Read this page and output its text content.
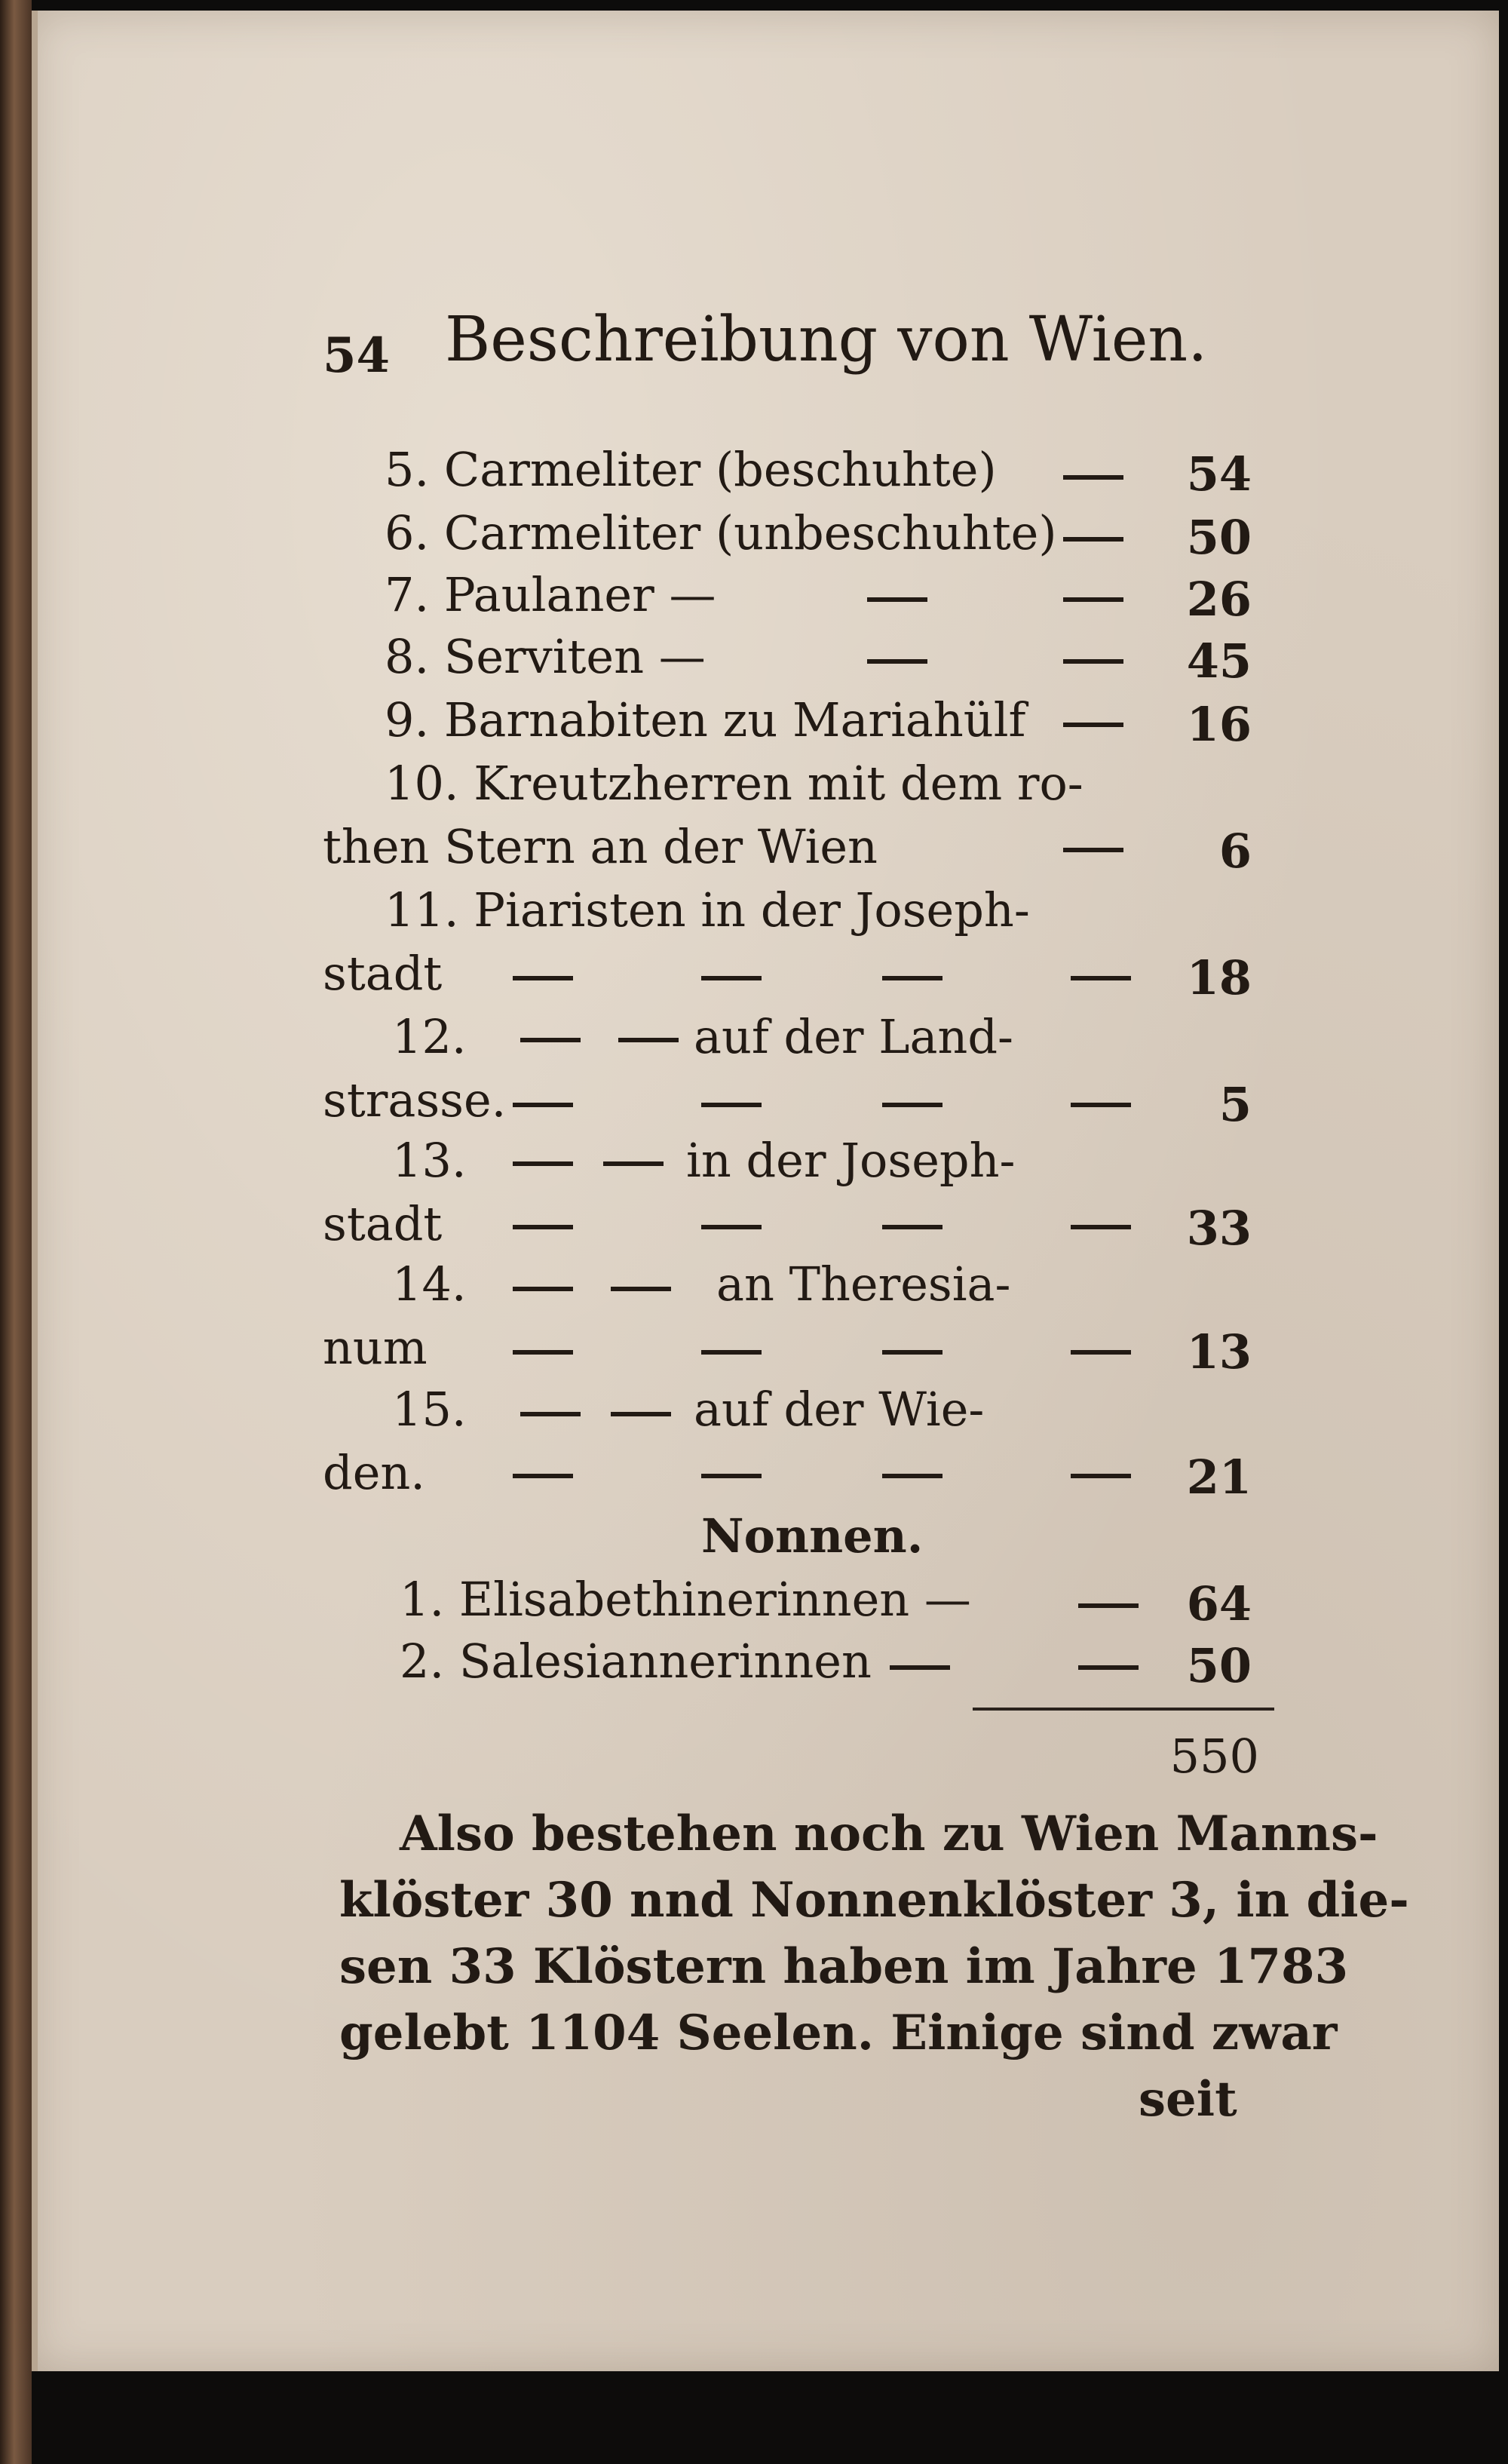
54 Beschreibung von Wien.
5. Carmeliter (beschuhte)	54
6. Carmeliter (unbeschuhte)	50
7. Paulaner —	26
8. Serviten —	45
9. Barnabiten zu Mariahülf	16
10. Kreutzherren mit dem ro-
then Stern an der Wien	6
11. Piaristen in der Joseph-
stadt	18
12.	auf der Land-
strasse.	5
13.	in der Joseph-
stadt	33
14.	an Theresia-
num	13
15.	auf der Wie-
den.	21
Nonnen.
1. Elisabethinerinnen —	64
2. Salesiannerinnen	50
550
Also bestehen noch zu Wien Manns-
klöster 30 nnd Nonnenklöster 3, in die-
sen 33 Klöstern haben im Jahre 1783
gelebt 1104 Seelen. Einige sind zwar
seit
